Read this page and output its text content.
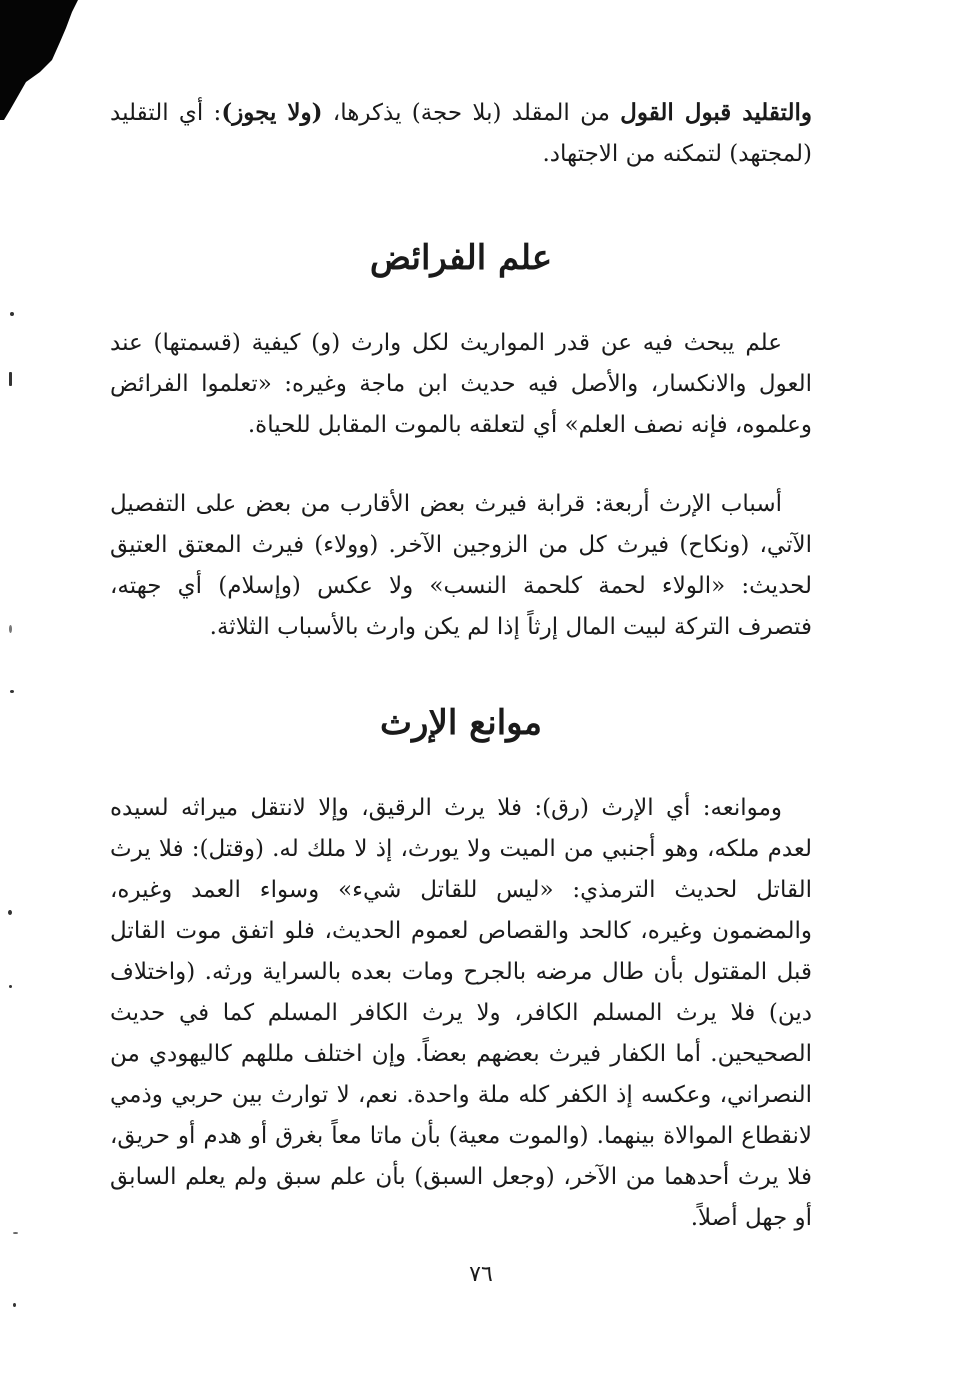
والتقليد قبول القول من المقلد (بلا حجة) يذكرها، (ولا يجوز): أي التقليد (لمجتهد) لتمكنه من الاجتهاد.

علم الفرائض

علم يبحث فيه عن قدر المواريث لكل وارث (و) كيفية (قسمتها) عند العول والانكسار، والأصل فيه حديث ابن ماجة وغيره: «تعلموا الفرائض وعلموه، فإنه نصف العلم» أي لتعلقه بالموت المقابل للحياة.

أسباب الإرث أربعة: قرابة فيرث بعض الأقارب من بعض على التفصيل الآتي، (ونكاح) فيرث كل من الزوجين الآخر. (وولاء) فيرث المعتق العتيق لحديث: «الولاء لحمة كلحمة النسب» ولا عكس (وإسلام) أي جهته، فتصرف التركة لبيت المال إرثاً إذا لم يكن وارث بالأسباب الثلاثة.

موانع الإرث

وموانعه: أي الإرث (رق): فلا يرث الرقيق، وإلا لانتقل ميراثه لسيده لعدم ملكه، وهو أجنبي من الميت ولا يورث، إذ لا ملك له. (وقتل): فلا يرث القاتل لحديث الترمذي: «ليس للقاتل شيء» وسواء العمد وغيره، والمضمون وغيره، كالحد والقصاص لعموم الحديث، فلو اتفق موت القاتل قبل المقتول بأن طال مرضه بالجرح ومات بعده بالسراية ورثه. (واختلاف دين) فلا يرث المسلم الكافر، ولا يرث الكافر المسلم كما في حديث الصحيحين. أما الكفار فيرث بعضهم بعضاً. وإن اختلف مللهم كاليهودي من النصراني، وعكسه إذ الكفر كله ملة واحدة. نعم، لا توارث بين حربي وذمي لانقطاع الموالاة بينهما. (والموت معية) بأن ماتا معاً بغرق أو هدم أو حريق، فلا يرث أحدهما من الآخر، (وجعل السبق) بأن علم سبق ولم يعلم السابق أو جهل أصلاً.

٧٦
